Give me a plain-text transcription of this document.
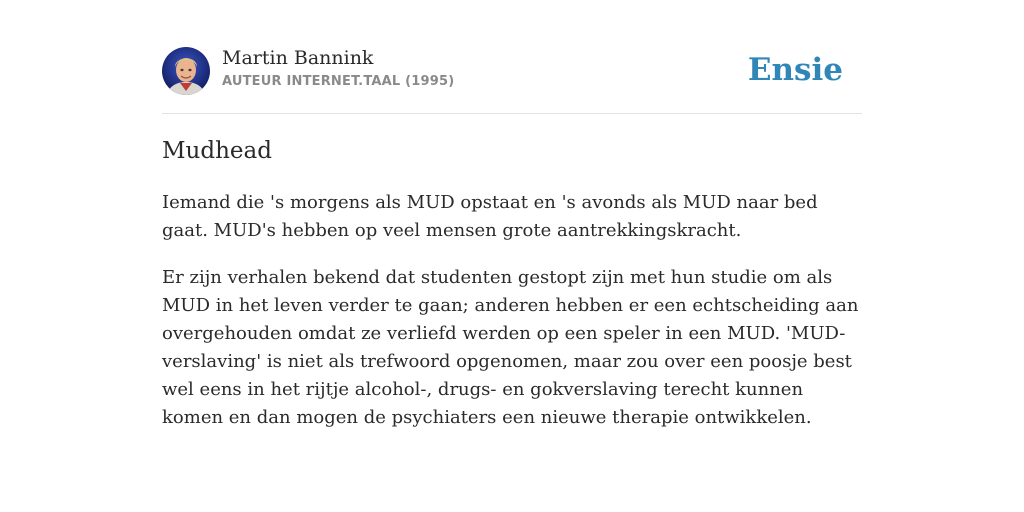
Martin Bannink
AUTEUR INTERNET.TAAL (1995)	Ensie
Mudhead

Iemand die 's morgens als MUD opstaat en 's avonds als MUD naar bed gaat. MUD's hebben op veel mensen grote aantrekkingskracht.

Er zijn verhalen bekend dat studenten gestopt zijn met hun studie om als MUD in het leven verder te gaan; anderen hebben er een echtscheiding aan overgehouden omdat ze verliefd werden op een speler in een MUD. 'MUD-verslaving' is niet als trefwoord opgenomen, maar zou over een poosje best wel eens in het rijtje alcohol-, drugs- en gokverslaving terecht kunnen komen en dan mogen de psychiaters een nieuwe therapie ontwikkelen.
